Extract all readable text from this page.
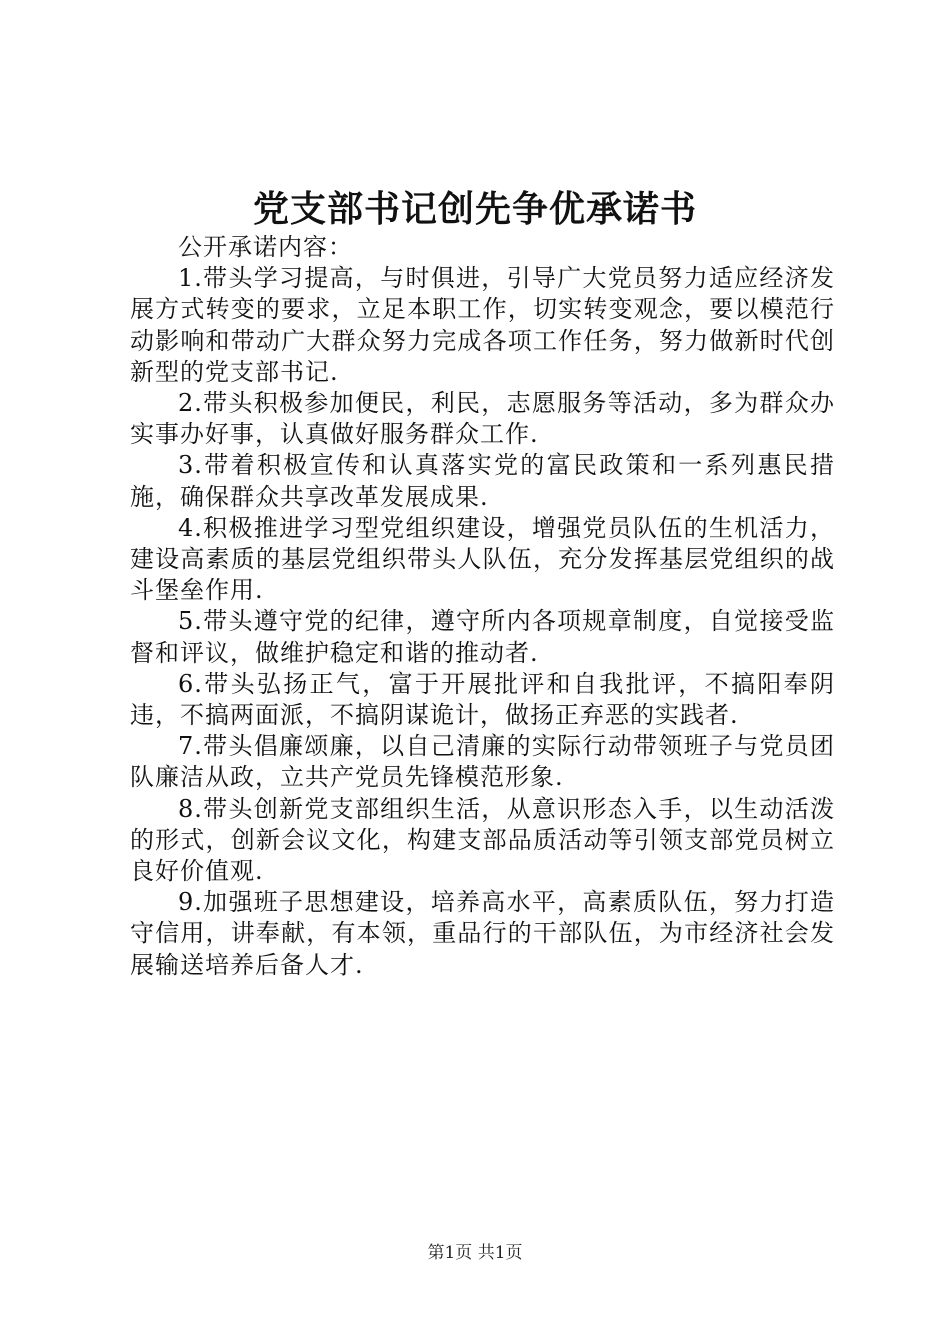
党支部书记创先争优承诺书

公开承诺内容：

1.带头学习提高，与时俱进，引导广大党员努力适应经济发展方式转变的要求，立足本职工作，切实转变观念，要以模范行动影响和带动广大群众努力完成各项工作任务，努力做新时代创新型的党支部书记.

2.带头积极参加便民，利民，志愿服务等活动，多为群众办实事办好事，认真做好服务群众工作.

3.带着积极宣传和认真落实党的富民政策和一系列惠民措施，确保群众共享改革发展成果.

4.积极推进学习型党组织建设，增强党员队伍的生机活力，建设高素质的基层党组织带头人队伍，充分发挥基层党组织的战斗堡垒作用.

5.带头遵守党的纪律，遵守所内各项规章制度，自觉接受监督和评议，做维护稳定和谐的推动者.

6.带头弘扬正气，富于开展批评和自我批评，不搞阳奉阴违，不搞两面派，不搞阴谋诡计，做扬正弃恶的实践者.

7.带头倡廉颂廉，以自己清廉的实际行动带领班子与党员团队廉洁从政，立共产党员先锋模范形象.

8.带头创新党支部组织生活，从意识形态入手，以生动活泼的形式，创新会议文化，构建支部品质活动等引领支部党员树立良好价值观.

9.加强班子思想建设，培养高水平，高素质队伍，努力打造守信用，讲奉献，有本领，重品行的干部队伍，为市经济社会发展输送培养后备人才.

第1页 共1页
